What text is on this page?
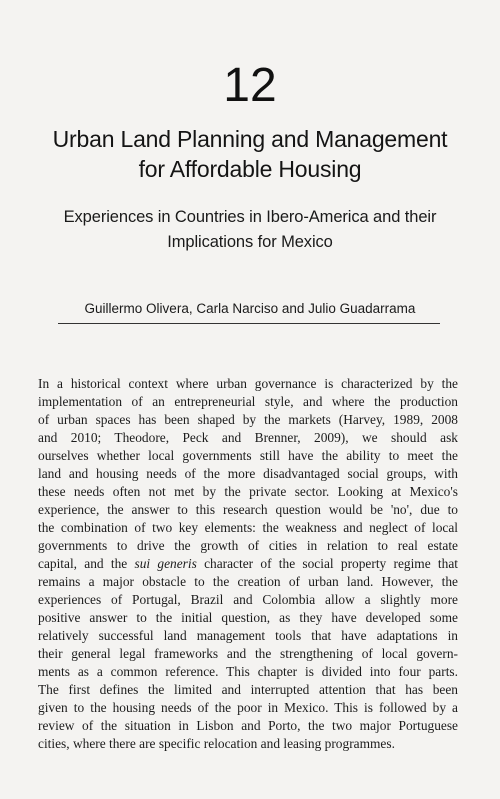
12
Urban Land Planning and Management
for Affordable Housing
Experiences in Countries in Ibero-America and their
Implications for Mexico
Guillermo Olivera, Carla Narciso and Julio Guadarrama
In a historical context where urban governance is characterized by the
implementation of an entrepreneurial style, and where the production
of urban spaces has been shaped by the markets (Harvey, 1989, 2008
and 2010; Theodore, Peck and Brenner, 2009), we should ask
ourselves whether local governments still have the ability to meet the
land and housing needs of the more disadvantaged social groups, with
these needs often not met by the private sector. Looking at Mexico's
experience, the answer to this research question would be 'no', due to
the combination of two key elements: the weakness and neglect of local
governments to drive the growth of cities in relation to real estate
capital, and the sui generis character of the social property regime that
remains a major obstacle to the creation of urban land. However, the
experiences of Portugal, Brazil and Colombia allow a slightly more
positive answer to the initial question, as they have developed some
relatively successful land management tools that have adaptations in
their general legal frameworks and the strengthening of local govern-
ments as a common reference. This chapter is divided into four parts.
The first defines the limited and interrupted attention that has been
given to the housing needs of the poor in Mexico. This is followed by a
review of the situation in Lisbon and Porto, the two major Portuguese
cities, where there are specific relocation and leasing programmes.
